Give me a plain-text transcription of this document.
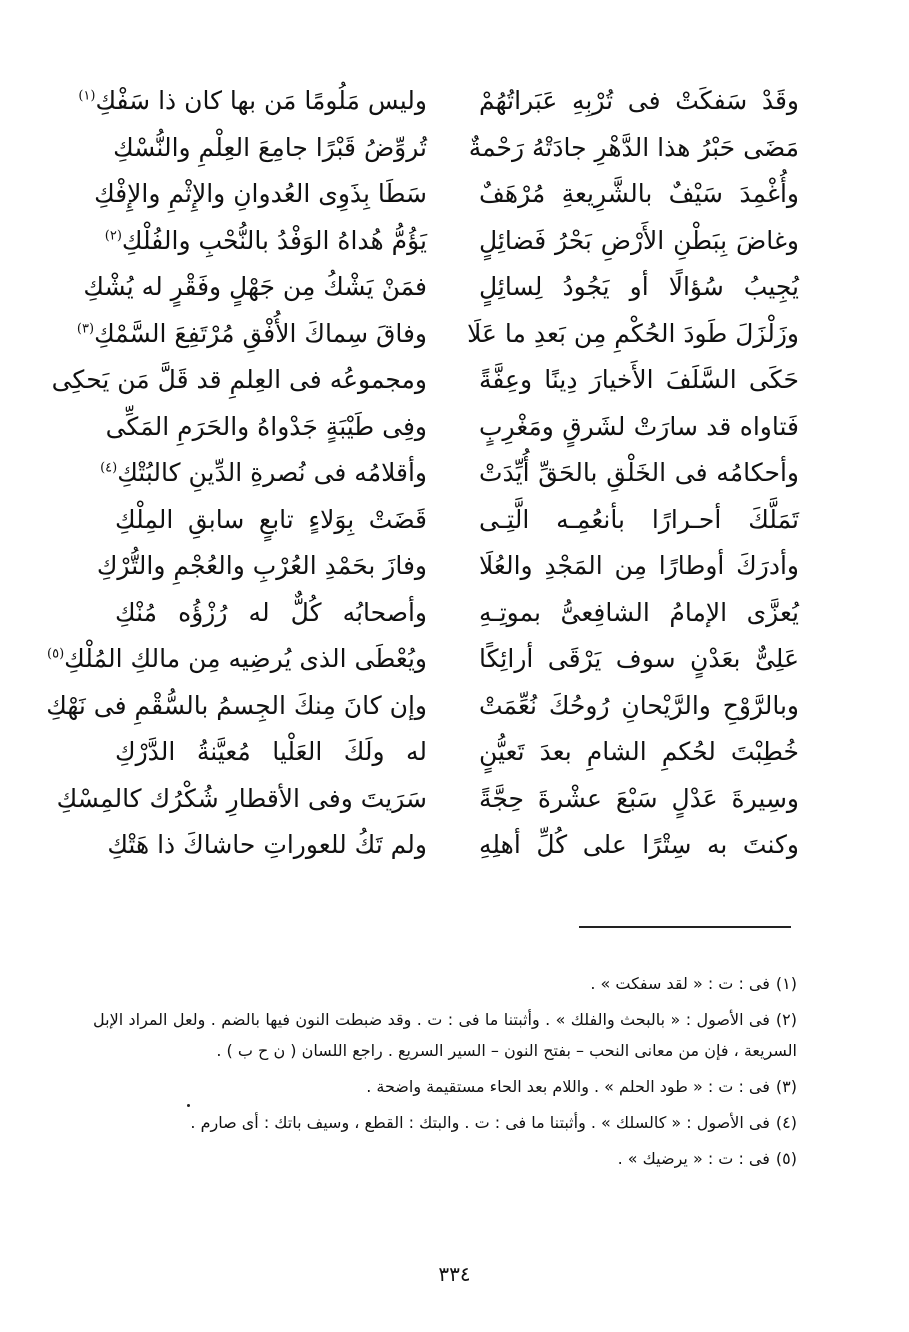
وقَدْ سَفكَتْ فى تُرْبِهِ عَبَراتُهُمْ
وليس مَلُومًا مَن بها كان ذا سَفْكِ$^{(١)}$
مَضَى حَبْرُ هذا الدَّهْرِ جادَتْهُ رَحْمةٌ
تُروِّضُ قَبْرًا جامِعَ العِلْمِ والنُّسْكِ
وأُغْمِدَ سَيْفٌ بالشَّرِيعةِ مُرْهَفٌ
سَطَا بِذَوِى العُدوانِ والإِثْمِ والإِفْكِ
وغاضَ بِبَطْنِ الأَرْضِ بَحْرُ فَضائِلٍ
يَؤُمُّ هُداهُ الوَفْدُ بالنُّحْبِ والفُلْكِ$^{(٢)}$
يُجِيبُ سُؤالًا أو يَجُودُ لِسائِلٍ
فمَنْ يَشْكُ مِن جَهْلٍ وفَقْرٍ له يُشْكِ
وزَلْزَلَ طَودَ الحُكْمِ مِن بَعدِ ما عَلَا
وفاقَ سِماكَ الأُفْقِ مُرْتَفِعَ السَّمْكِ$^{(٣)}$
حَكَى السَّلَفَ الأَخيارَ دِينًا وعِفَّةً
ومجموعُه فى العِلمِ قد قَلَّ مَن يَحكِى
فَتاواه قد سارَتْ لشَرقٍ ومَغْرِبٍ
وفِى طَيْبَةٍ جَدْواهُ والحَرَمِ المَكِّى
وأحكامُه فى الخَلْقِ بالحَقِّ أُيِّدَتْ
وأقلامُه فى نُصرةِ الدِّينِ كالبُتْكِ$^{(٤)}$
تَمَلَّكَ أحـرارًا بأنعُمِـه الَّتِـى
قَضَتْ بِوَلاءٍ تابعٍ سابقِ المِلْكِ
وأدرَكَ أوطارًا مِن المَجْدِ والعُلَا
وفازَ بحَمْدِ العُرْبِ والعُجْمِ والتُّرْكِ
يُعزَّى الإمامُ الشافِعىُّ بموتِـهِ
وأصحابُه كُلٌّ له رُزْؤُه مُنْكِ
عَلِىٌّ بعَدْنٍ سوف يَرْقَى أرائِكًا
ويُعْطَى الذى يُرضِيه مِن مالكِ المُلْكِ$^{(٥)}$
وبالرَّوْحِ والرَّيْحانِ رُوحُكَ نُعِّمَتْ
وإن كانَ مِنكَ الجِسمُ بالسُّقْمِ فى نَهْكِ
خُطِبْتَ لحُكمِ الشامِ بعدَ تَعيُّنٍ
له ولَكَ العَلْيا مُعيَّنةُ الدَّرْكِ
وسِيرةَ عَدْلٍ سَبْعَ عشْرةَ حِجَّةً
سَرَيتَ وفى الأقطارِ شُكْرُك كالمِسْكِ
وكنتَ به سِتْرًا على كُلِّ أهلِهِ
ولم تَكُ للعوراتِ حاشاكَ ذا هَتْكِ

(١)فى : ت : « لقد سفكت » .

(٢)فى الأصول : « بالبحث والفلك » . وأثبتنا ما فى : ت . وقد ضبطت النون فيها بالضم . ولعل المراد الإبل السريعة ، فإن من معانى النحب – بفتح النون – السير السريع . راجع اللسان ( ن ح ب ) .

(٣)فى : ت : « طود الحلم » . واللام بعد الحاء مستقيمة واضحة .

(٤)فى الأصول : « كالسلك » . وأثبتنا ما فى : ت . والبتك : القطع ، وسيف باتك : أى صارم .

(٥)فى : ت : « يرضيك » .

٣٣٤
